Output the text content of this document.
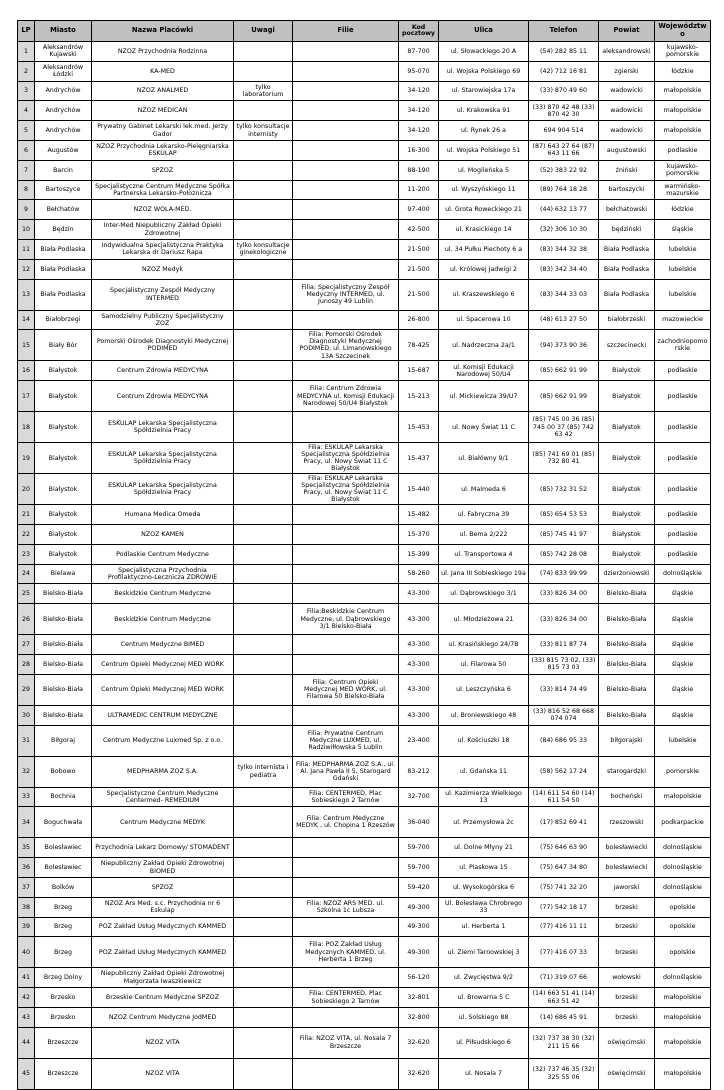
LP	Miasto	Nazwa Placówki	Uwagi	Filie	Kod pocztowy	Ulica	Telefon	Powiat	Województwo
1	Aleksandrów Kujawski	NZOZ Przychodnia Rodzinna			87-700	ul. Słowackiego 20 A	(54) 282 85 11	aleksandrowski	kujawsko-pomorskie
2	Aleksandrów Łódzki	KA-MED			95-070	ul. Wojska Polskiego 69	(42) 712 16 81	zgierski	łódzkie
3	Andrychów	NZOZ ANALMED	tylko laboratorium		34-120	ul. Starowiejska 17a	(33) 870 49 60	wadowicki	małopolskie
4	Andrychów	NZOZ MEDICAN			34-120	ul. Krakowska 91	(33) 870 42 48 (33) 870 42 30	wadowicki	małopolskie
5	Andrychów	Prywatny Gabinet Lekarski lek.med. Jerzy Gador	tylko konsultacje internisty		34-120	ul. Rynek 26 a	694 904 514	wadowicki	małopolskie
6	Augustów	NZOZ Przychodnia Lekarsko-Pielęgniarska ESKULAP			16-300	ul. Wojska Polskiego 51	(87) 643 27 64 (87) 643 11 66	augustowski	podlaskie
7	Barcin	SPZOZ			88-190	ul. Mogileńska 5	(52) 383 22 92	żniński	kujawsko-pomorskie
8	Bartoszyce	Specjalistyczne Centrum Medyczne Spółka Partnerska Lekarsko-Położnicza			11-200	ul. Wyszyńskiego 11	(89) 764 18 28	bartoszycki	warmińsko-mazurskie
9	Bełchatów	NZOZ WOLA-MED.			97-400	ul. Grota Roweckiego 21	(44) 632 13 77	bełchatowski	łódzkie
10	Będzin	Inter-Med Niepubliczny Zakład Opieki Zdrowotnej			42-500	ul. Krasickiego 14	(32) 306 10 30	będziński	śląskie
11	Biała Podlaska	Indywidualna Specjalistyczna Praktyka Lekarska dr Dariusz Rapa	tylko konsultacje ginekologiczne		21-500	ul. 34 Pułku Piechoty 6 a	(83) 344 32 38	Biała Podlaska	lubelskie
12	Biała Podlaska	NZOZ Medyk			21-500	ul. Królowej Jadwigi 2	(83) 342 34 40	Biała Podlaska	lubelskie
13	Biała Podlaska	Specjalistyczny Zespół Medyczny INTERMED		Filia: Specjalistyczny Zespół Medyczny INTERMED, ul. Junoszy 49 Lublin	21-500	ul. Kraszewskiego 6	(83) 344 33 03	Biała Podlaska	lubelskie
14	Białobrzegi	Samodzielny Publiczny Specjalistyczny ZOZ			26-800	ul. Spacerowa 10	(48) 613 27 50	białobrzeski	mazowieckie
15	Biały Bór	Pomorski Ośrodek Diagnostyki Medycznej PODIMED		Filia: Pomorski Ośrodek Diagnostyki Medycznej PODIMED, ul. Limanowskiego 13A Szczecinek	78-425	ul. Nadrzeczna 2a/1	(94) 373 90 36	szczecinecki	zachodniopomorskie
16	Białystok	Centrum Zdrowia MEDYCYNA			15-687	ul. Komisji Edukacji Narodowej 50/U4	(85) 662 91 99	Białystok	podlaskie
17	Białystok	Centrum Zdrowia MEDYCYNA		Filia: Centrum Zdrowia MEDYCYNA ul. Komisji Edukacji Narodowej 50/U4 Białystok	15-213	ul. Mickiewicza 39/U7	(85) 662 91 99	Białystok	podlaskie
18	Białystok	ESKULAP Lekarska Specjalistyczna Spółdzielnia Pracy			15-453	ul. Nowy Świat 11 C	(85) 745 00 36 (85) 745 00 37 (85) 742 63 42	Białystok	podlaskie
19	Białystok	ESKULAP Lekarska Specjalistyczna Spółdzielnia Pracy		Filia: ESKULAP Lekarska Specjalistyczna Spółdzielnia Pracy, ul. Nowy Świat 11 C Białystok	15-437	ul. Białówny 9/1	(85) 741 69 01 (85) 732 80 41	Białystok	podlaskie
20	Białystok	ESKULAP Lekarska Specjalistyczna Spółdzielnia Pracy		Filia: ESKULAP Lekarska Specjalistyczna Spółdzielnia Pracy, ul. Nowy Świat 11 C Białystok	15-440	ul. Malmeda 6	(85) 732 31 52	Białystok	podlaskie
21	Białystok	Humana Medica Omeda			15-482	ul. Fabryczna 39	(85) 654 53 53	Białystok	podlaskie
22	Białystok	NZOZ KAMEN			15-370	ul. Bema 2/222	(85) 745 41 97	Białystok	podlaskie
23	Białystok	Podlaskie Centrum Medyczne			15-399	ul. Transportowa 4	(85) 742 28 08	Białystok	podlaskie
24	Bielawa	Specjalistyczna Przychodnia Profilaktyczno-Lecznicza ZDROWIE			58-260	ul. Jana III Sobieskiego 19a	(74) 833 99 99	dzierżoniowski	dolnośląskie
25	Bielsko-Biała	Beskidzkie Centrum Medyczne			43-300	ul. Dąbrowskiego 3/1	(33) 826 34 00	Bielsko-Biała	śląskie
26	Bielsko-Biała	Beskidzkie Centrum Medyczne		Filia:Beskidzkie Centrum Medyczne, ul. Dąbrowskiego 3/1 Bielsko-Biała	43-300	ul. Młodzieżowa 21	(33) 826 34 00	Bielsko-Biała	śląskie
27	Bielsko-Biała	Centrum Medyczne BIMED			43-300	ul. Krasińskiego 24/7B	(33) 811 87 74	Bielsko-Biała	śląskie
28	Bielsko-Biała	Centrum Opieki Medycznej MED WORK			43-300	ul. Filarowa 50	(33) 815 73 02, (33) 815 73 03	Bielsko-Biała	śląskie
29	Bielsko-Biała	Centrum Opieki Medycznej MED WORK		Filia: Centrum Opieki Medycznej MED WORK, ul. Filarowa 50 Bielsko-Biała	43-300	ul. Leszczyńska 6	(33) 814 74 49	Bielsko-Biała	śląskie
30	Bielsko-Biała	ULTRAMEDIC CENTRUM MEDYCZNE			43-300	ul. Broniewskiego 48	(33) 816 52 68 668 074 074	Bielsko-Biała	śląskie
31	Biłgoraj	Centrum Medyczne Luxmed Sp. z o.o.		Filia: Prywatne Centrum Medyczne LUXMED, ul. Radziwiłłowska 5 Lublin	23-400	ul. Kościuszki 18	(84) 686 95 33	biłgorajski	lubelskie
32	Bobowo	MEDPHARMA ZOZ S.A.	tylko internista i pediatra	Filia: MEDPHARMA ZOZ S.A., ul. Al. Jana Pawła II 5, Starogard Gdański	83-212	ul. Gdańska 11	(58) 562 17 24	starogardzki	pomorskie
33	Bochnia	Specjalistyczne Centrum Medyczne Centermed- REMEDIUM		Filia: CENTERMED, Plac Sobieskiego 2 Tarnów	32-700	ul. Kazimierza Wielkiego 13	(14) 611 54 60 (14) 611 54 50	bocheński	małopolskie
34	Boguchwała	Centrum Medyczne MEDYK		Filia: Centrum Medyczne MEDYK , ul. Chopina 1 Rzeszów	36-040	ul. Przemysłowa 2c	(17) 852 69 41	rzeszowski	podkarpackie
35	Bolesławiec	Przychodnia Lekarz Domowy/ STOMADENT			59-700	ul. Dolne Młyny 21	(75) 646 63 90	bolesławiecki	dolnośląskie
36	Bolesławiec	Niepubliczny Zakład Opieki Zdrowotnej BIOMED			59-700	ul. Piaskowa 15	(75) 647 34 80	bolesławiecki	dolnośląskie
37	Bolków	SPZOZ			59-420	ul. Wysokogórska 6	(75) 741 32 20	jaworski	dolnośląskie
38	Brzeg	NZOZ Ars Med. s.c. Przychodnia nr 6 Eskulap		Filia: NZOZ ARS MED. ul. Szkolna 1c Lubsza	49-300	Ul. Bolesława Chrobrego 33	(77) 542 18 17	brzeski	opolskie
39	Brzeg	POZ Zakład Usług Medycznych KAMMED			49-300	ul. Herberta 1	(77) 416 11 11	brzeski	opolskie
40	Brzeg	POZ Zakład Usług Medycznych KAMMED		Filia: POZ Zakład Usług Medycznych KAMMED, ul. Herberta 1 Brzeg	49-300	ul. Ziemi Tarnowskiej 3	(77) 416 07 33	brzeski	opolskie
41	Brzeg Dolny	Niepubliczny Zakład Opieki Zdrowotnej Małgorzata Iwaszkiewicz			56-120	ul. Zwycięstwa 9/2	(71) 319 07 66	wołowski	dolnośląskie
42	Brzesko	Brzeskie Centrum Medyczne SPZOZ		Filia: CENTERMED, Plac Sobieskiego 2 Tarnów	32-801	ul. Browarna 5 C	(14) 663 51 41 (14) 663 51 42	brzeski	małopolskie
43	Brzesko	NZOZ Centrum Medyczne JodMED			32-800	ul. Solskiego 88	(14) 686 45 91	brzeski	małopolskie
44	Brzeszcze	NZOZ VITA		Filia: NZOZ VITA, ul. Nosala 7 Brzeszcze	32-620	ul. Piłsudskiego 6	(32) 737 38 30 (32) 211 15 66	oświęcimski	małopolskie
45	Brzeszcze	NZOZ VITA			32-620	ul. Nosala 7	(32) 737 46 35 (32) 325 55 06	oświęcimski	małopolskie
